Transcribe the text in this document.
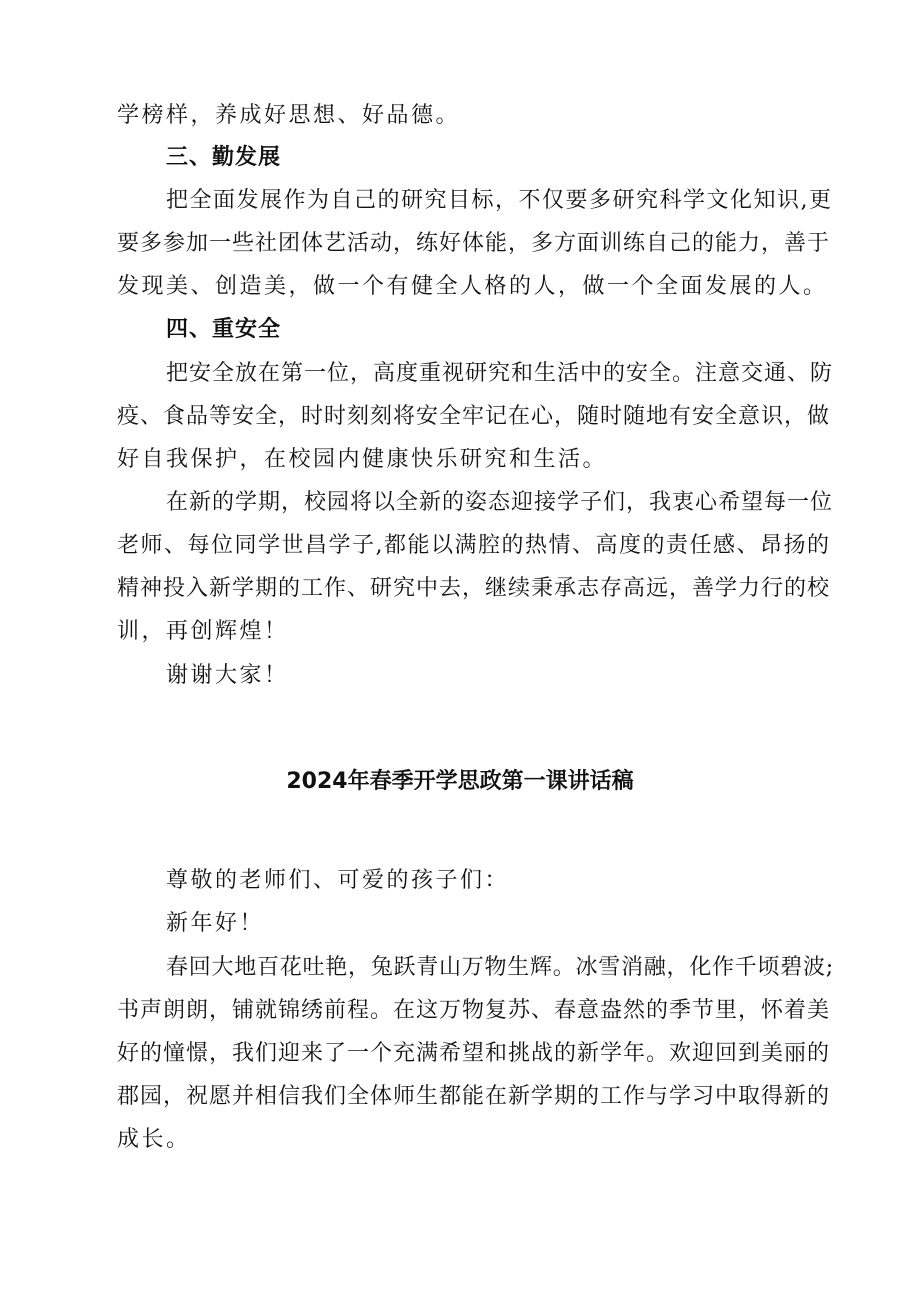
学榜样，养成好思想、好品德。
三、勤发展
把全面发展作为自己的研究目标，不仅要多研究科学文化知识,更
要多参加一些社团体艺活动，练好体能，多方面训练自己的能力，善于
发现美、创造美，做一个有健全人格的人，做一个全面发展的人。
四、重安全
把安全放在第一位，高度重视研究和生活中的安全。注意交通、防
疫、食品等安全，时时刻刻将安全牢记在心，随时随地有安全意识，做
好自我保护，在校园内健康快乐研究和生活。
在新的学期，校园将以全新的姿态迎接学子们，我衷心希望每一位
老师、每位同学世昌学子,都能以满腔的热情、高度的责任感、昂扬的
精神投入新学期的工作、研究中去，继续秉承志存高远，善学力行的校
训，再创辉煌！
谢谢大家！
2024年春季开学思政第一课讲话稿
尊敬的老师们、可爱的孩子们：
新年好！
春回大地百花吐艳，兔跃青山万物生辉。冰雪消融，化作千顷碧波;
书声朗朗，铺就锦绣前程。在这万物复苏、春意盎然的季节里，怀着美
好的憧憬，我们迎来了一个充满希望和挑战的新学年。欢迎回到美丽的
郡园，祝愿并相信我们全体师生都能在新学期的工作与学习中取得新的
成长。
